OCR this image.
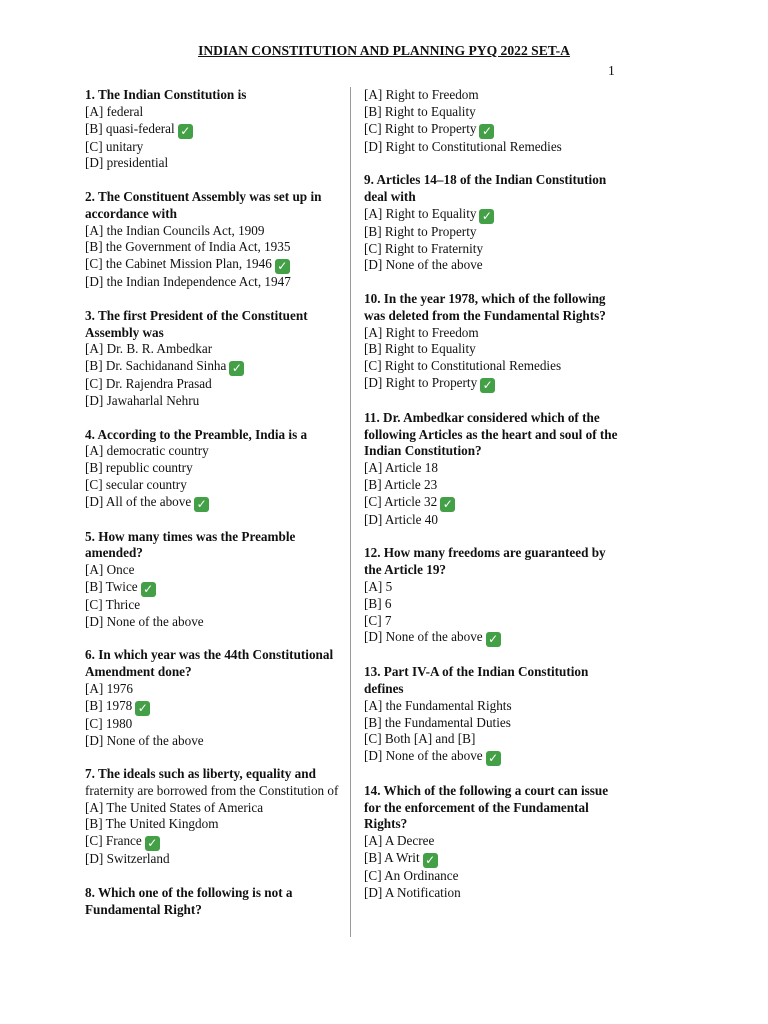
INDIAN CONSTITUTION AND PLANNING PYQ 2022 SET-A
1
1. The Indian Constitution is
[A] federal
[B] quasi-federal ✓
[C] unitary
[D] presidential
2. The Constituent Assembly was set up in accordance with
[A] the Indian Councils Act, 1909
[B] the Government of India Act, 1935
[C] the Cabinet Mission Plan, 1946 ✓
[D] the Indian Independence Act, 1947
3. The first President of the Constituent Assembly was
[A] Dr. B. R. Ambedkar
[B] Dr. Sachidanand Sinha ✓
[C] Dr. Rajendra Prasad
[D] Jawaharlal Nehru
4. According to the Preamble, India is a
[A] democratic country
[B] republic country
[C] secular country
[D] All of the above ✓
5. How many times was the Preamble amended?
[A] Once
[B] Twice ✓
[C] Thrice
[D] None of the above
6. In which year was the 44th Constitutional Amendment done?
[A] 1976
[B] 1978 ✓
[C] 1980
[D] None of the above
7. The ideals such as liberty, equality and fraternity are borrowed from the Constitution of
[A] The United States of America
[B] The United Kingdom
[C] France ✓
[D] Switzerland
8. Which one of the following is not a Fundamental Right?
[A] Right to Freedom
[B] Right to Equality
[C] Right to Property ✓
[D] Right to Constitutional Remedies
9. Articles 14–18 of the Indian Constitution deal with
[A] Right to Equality ✓
[B] Right to Property
[C] Right to Fraternity
[D] None of the above
10. In the year 1978, which of the following was deleted from the Fundamental Rights?
[A] Right to Freedom
[B] Right to Equality
[C] Right to Constitutional Remedies
[D] Right to Property ✓
11. Dr. Ambedkar considered which of the following Articles as the heart and soul of the Indian Constitution?
[A] Article 18
[B] Article 23
[C] Article 32 ✓
[D] Article 40
12. How many freedoms are guaranteed by the Article 19?
[A] 5
[B] 6
[C] 7
[D] None of the above ✓
13. Part IV-A of the Indian Constitution defines
[A] the Fundamental Rights
[B] the Fundamental Duties
[C] Both [A] and [B]
[D] None of the above ✓
14. Which of the following a court can issue for the enforcement of the Fundamental Rights?
[A] A Decree
[B] A Writ ✓
[C] An Ordinance
[D] A Notification
